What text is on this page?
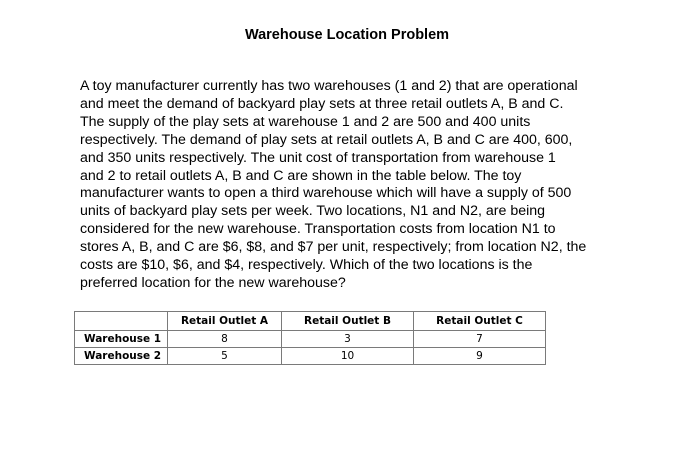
Warehouse Location Problem

A toy manufacturer currently has two warehouses (1 and 2) that are operational
and meet the demand of backyard play sets at three retail outlets A, B and C.
The supply of the play sets at warehouse 1 and 2 are 500 and 400 units
respectively. The demand of play sets at retail outlets A, B and C are 400, 600,
and 350 units respectively. The unit cost of transportation from warehouse 1
and 2 to retail outlets A, B and C are shown in the table below. The toy
manufacturer wants to open a third warehouse which will have a supply of 500
units of backyard play sets per week. Two locations, N1 and N2, are being
considered for the new warehouse. Transportation costs from location N1 to
stores A, B, and C are $6, $8, and $7 per unit, respectively; from location N2, the
costs are $10, $6, and $4, respectively. Which of the two locations is the
preferred location for the new warehouse?

	Retail Outlet A	Retail Outlet B	Retail Outlet C
Warehouse 1	8	3	7
Warehouse 2	5	10	9
